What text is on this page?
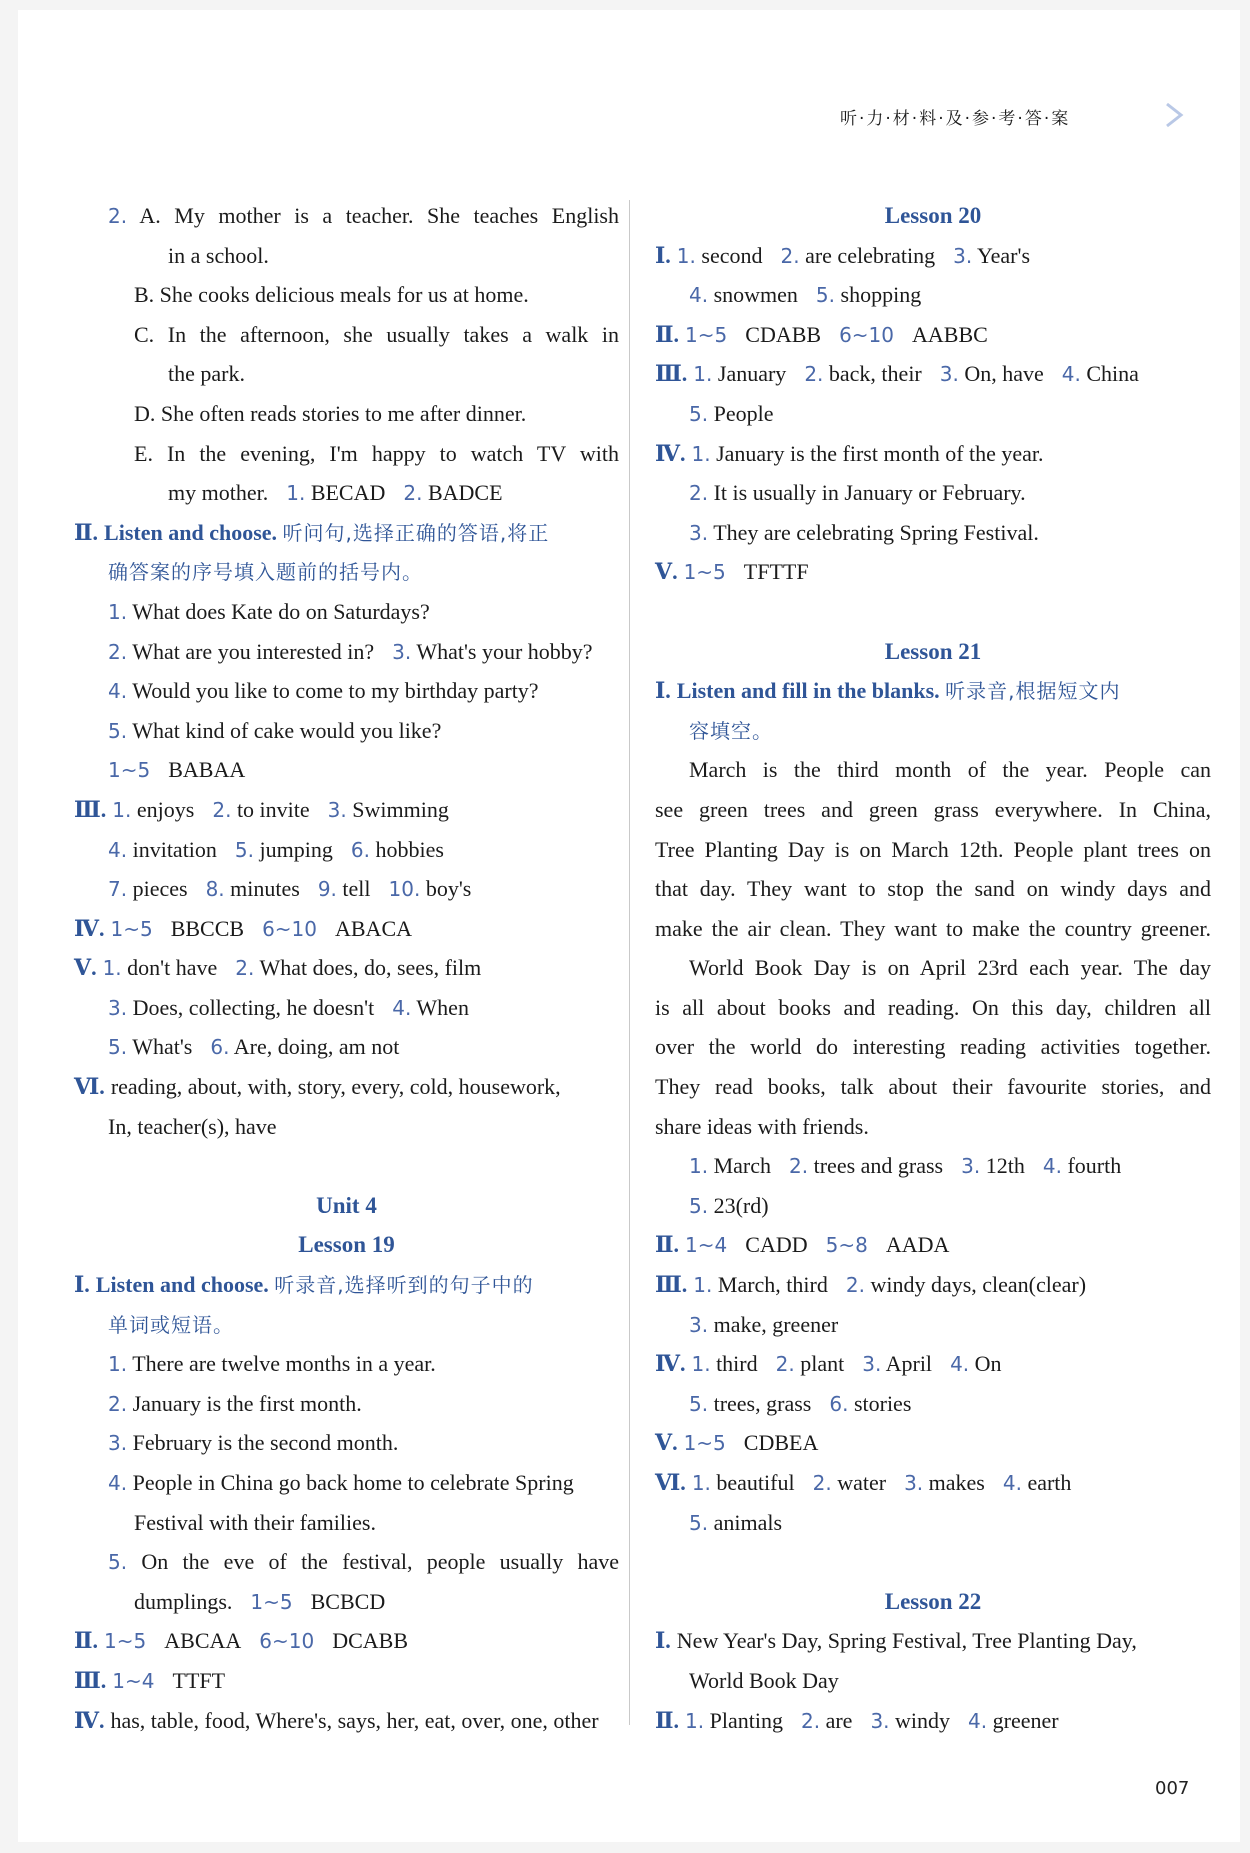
听·力·材·料·及·参·考·答·案
2. A. My mother is a teacher. She teaches English
in a school.
B. She cooks delicious meals for us at home.
C. In the afternoon, she usually takes a walk in
the park.
D. She often reads stories to me after dinner.
E. In the evening, I'm happy to watch TV with
my mother. 1. BECAD 2. BADCE
Ⅱ. Listen and choose. 听问句,选择正确的答语,将正
确答案的序号填入题前的括号内。
1. What does Kate do on Saturdays?
2. What are you interested in? 3. What's your hobby?
4. Would you like to come to my birthday party?
5. What kind of cake would you like?
1~5 BABAA
Ⅲ. 1. enjoys 2. to invite 3. Swimming
4. invitation 5. jumping 6. hobbies
7. pieces 8. minutes 9. tell 10. boy's
Ⅳ. 1~5 BBCCB 6~10 ABACA
Ⅴ. 1. don't have 2. What does, do, sees, film
3. Does, collecting, he doesn't 4. When
5. What's 6. Are, doing, am not
Ⅵ. reading, about, with, story, every, cold, housework,
In, teacher(s), have
Unit 4
Lesson 19
Ⅰ. Listen and choose. 听录音,选择听到的句子中的
单词或短语。
1. There are twelve months in a year.
2. January is the first month.
3. February is the second month.
4. People in China go back home to celebrate Spring
Festival with their families.
5. On the eve of the festival, people usually have
dumplings. 1~5 BCBCD
Ⅱ. 1~5 ABCAA 6~10 DCABB
Ⅲ. 1~4 TTFT
Ⅳ. has, table, food, Where's, says, her, eat, over, one, other
Lesson 20
Ⅰ. 1. second 2. are celebrating 3. Year's
4. snowmen 5. shopping
Ⅱ. 1~5 CDABB 6~10 AABBC
Ⅲ. 1. January 2. back, their 3. On, have 4. China
5. People
Ⅳ. 1. January is the first month of the year.
2. It is usually in January or February.
3. They are celebrating Spring Festival.
Ⅴ. 1~5 TFTTF
Lesson 21
Ⅰ. Listen and fill in the blanks. 听录音,根据短文内
容填空。
March is the third month of the year. People can
see green trees and green grass everywhere. In China,
Tree Planting Day is on March 12th. People plant trees on
that day. They want to stop the sand on windy days and
make the air clean. They want to make the country greener.
World Book Day is on April 23rd each year. The day
is all about books and reading. On this day, children all
over the world do interesting reading activities together.
They read books, talk about their favourite stories, and
share ideas with friends.
1. March 2. trees and grass 3. 12th 4. fourth
5. 23(rd)
Ⅱ. 1~4 CADD 5~8 AADA
Ⅲ. 1. March, third 2. windy days, clean(clear)
3. make, greener
Ⅳ. 1. third 2. plant 3. April 4. On
5. trees, grass 6. stories
Ⅴ. 1~5 CDBEA
Ⅵ. 1. beautiful 2. water 3. makes 4. earth
5. animals
Lesson 22
Ⅰ. New Year's Day, Spring Festival, Tree Planting Day,
World Book Day
Ⅱ. 1. Planting 2. are 3. windy 4. greener
007
